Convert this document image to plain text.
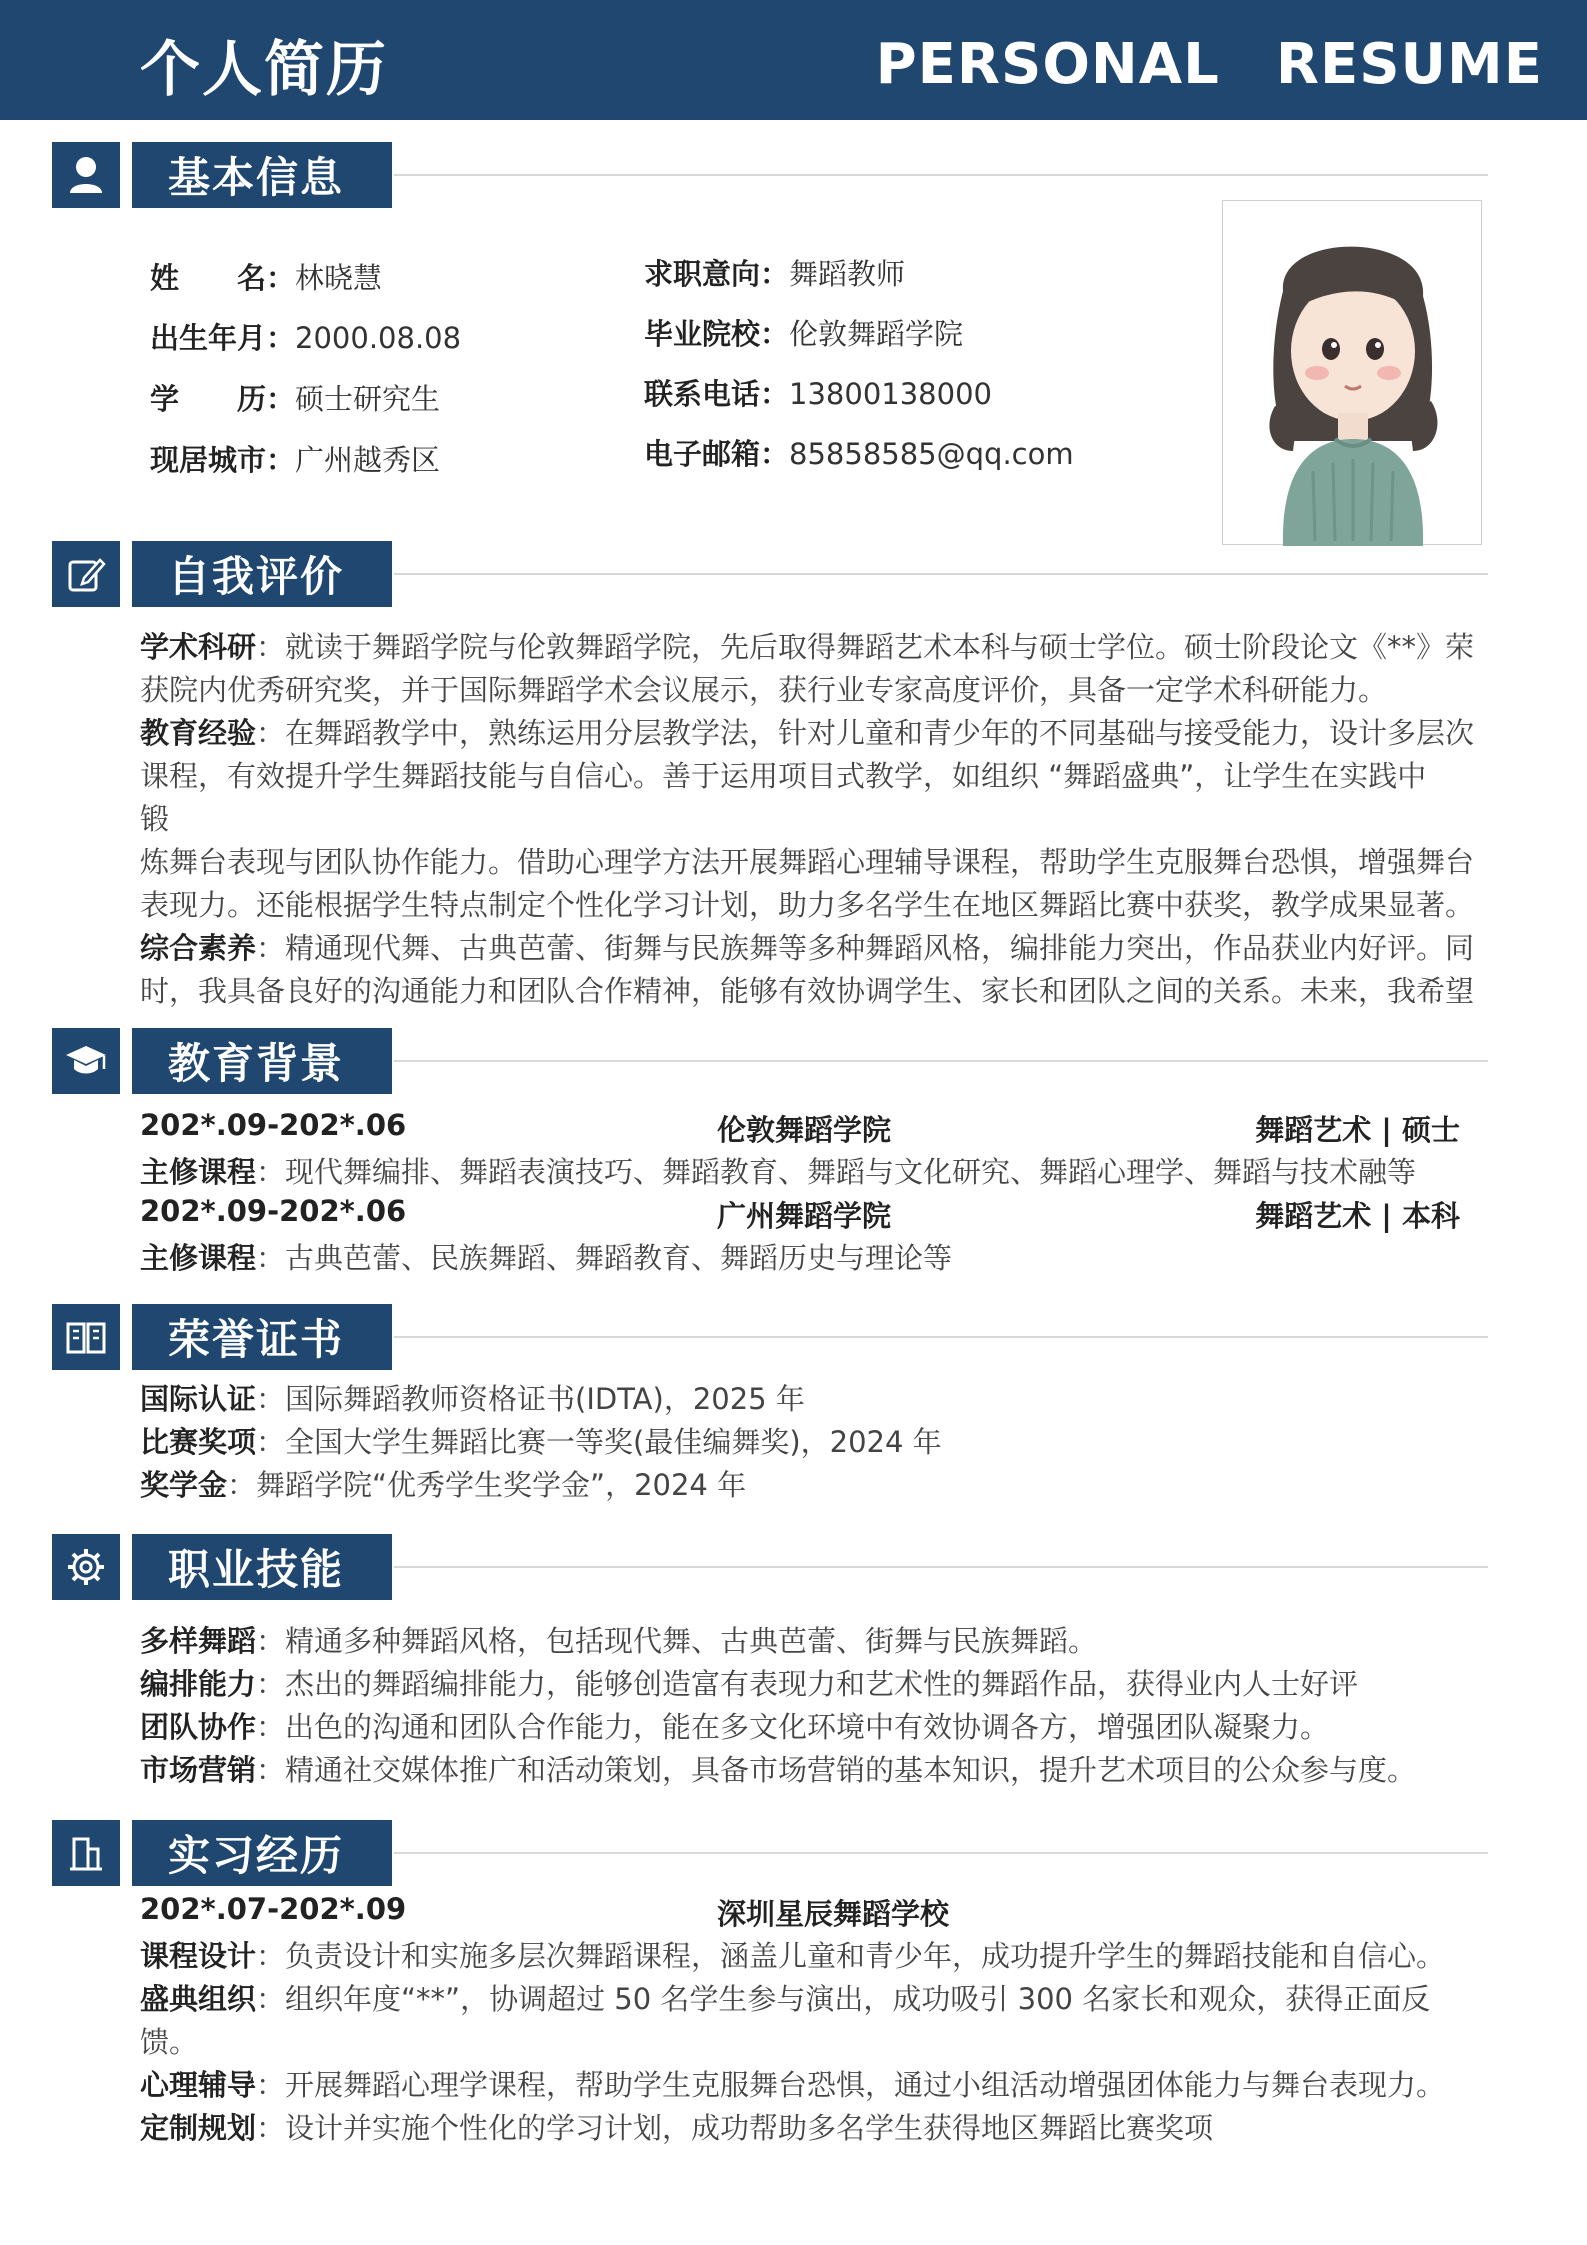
个人简历	PERSONAL RESUME
基本信息
姓　　名：林晓慧
出生年月：2000.08.08
学　　历：硕士研究生
现居城市：广州越秀区
求职意向：舞蹈教师
毕业院校：伦敦舞蹈学院
联系电话：13800138000
电子邮箱：85858585@qq.com
自我评价
学术科研：就读于舞蹈学院与伦敦舞蹈学院，先后取得舞蹈艺术本科与硕士学位。硕士阶段论文《**》荣
获院内优秀研究奖，并于国际舞蹈学术会议展示，获行业专家高度评价，具备一定学术科研能力。
教育经验：在舞蹈教学中，熟练运用分层教学法，针对儿童和青少年的不同基础与接受能力，设计多层次
课程，有效提升学生舞蹈技能与自信心。善于运用项目式教学，如组织 “舞蹈盛典”，让学生在实践中
锻
炼舞台表现与团队协作能力。借助心理学方法开展舞蹈心理辅导课程，帮助学生克服舞台恐惧，增强舞台
表现力。还能根据学生特点制定个性化学习计划，助力多名学生在地区舞蹈比赛中获奖，教学成果显著。
综合素养：精通现代舞、古典芭蕾、街舞与民族舞等多种舞蹈风格，编排能力突出，作品获业内好评。同
时，我具备良好的沟通能力和团队合作精神，能够有效协调学生、家长和团队之间的关系。未来，我希望
教育背景
202*.09-202*.06	伦敦舞蹈学院	舞蹈艺术 | 硕士
主修课程：现代舞编排、舞蹈表演技巧、舞蹈教育、舞蹈与文化研究、舞蹈心理学、舞蹈与技术融等
202*.09-202*.06	广州舞蹈学院	舞蹈艺术 | 本科
主修课程：古典芭蕾、民族舞蹈、舞蹈教育、舞蹈历史与理论等
荣誉证书
国际认证：国际舞蹈教师资格证书(IDTA)，2025 年
比赛奖项：全国大学生舞蹈比赛一等奖(最佳编舞奖)，2024 年
奖学金：舞蹈学院“优秀学生奖学金”，2024 年
职业技能
多样舞蹈：精通多种舞蹈风格，包括现代舞、古典芭蕾、街舞与民族舞蹈。
编排能力：杰出的舞蹈编排能力，能够创造富有表现力和艺术性的舞蹈作品，获得业内人士好评
团队协作：出色的沟通和团队合作能力，能在多文化环境中有效协调各方，增强团队凝聚力。
市场营销：精通社交媒体推广和活动策划，具备市场营销的基本知识，提升艺术项目的公众参与度。
实习经历
202*.07-202*.09	深圳星辰舞蹈学校
课程设计：负责设计和实施多层次舞蹈课程，涵盖儿童和青少年，成功提升学生的舞蹈技能和自信心。
盛典组织：组织年度“**”，协调超过 50 名学生参与演出，成功吸引 300 名家长和观众，获得正面反
馈。
心理辅导：开展舞蹈心理学课程，帮助学生克服舞台恐惧，通过小组活动增强团体能力与舞台表现力。
定制规划：设计并实施个性化的学习计划，成功帮助多名学生获得地区舞蹈比赛奖项
